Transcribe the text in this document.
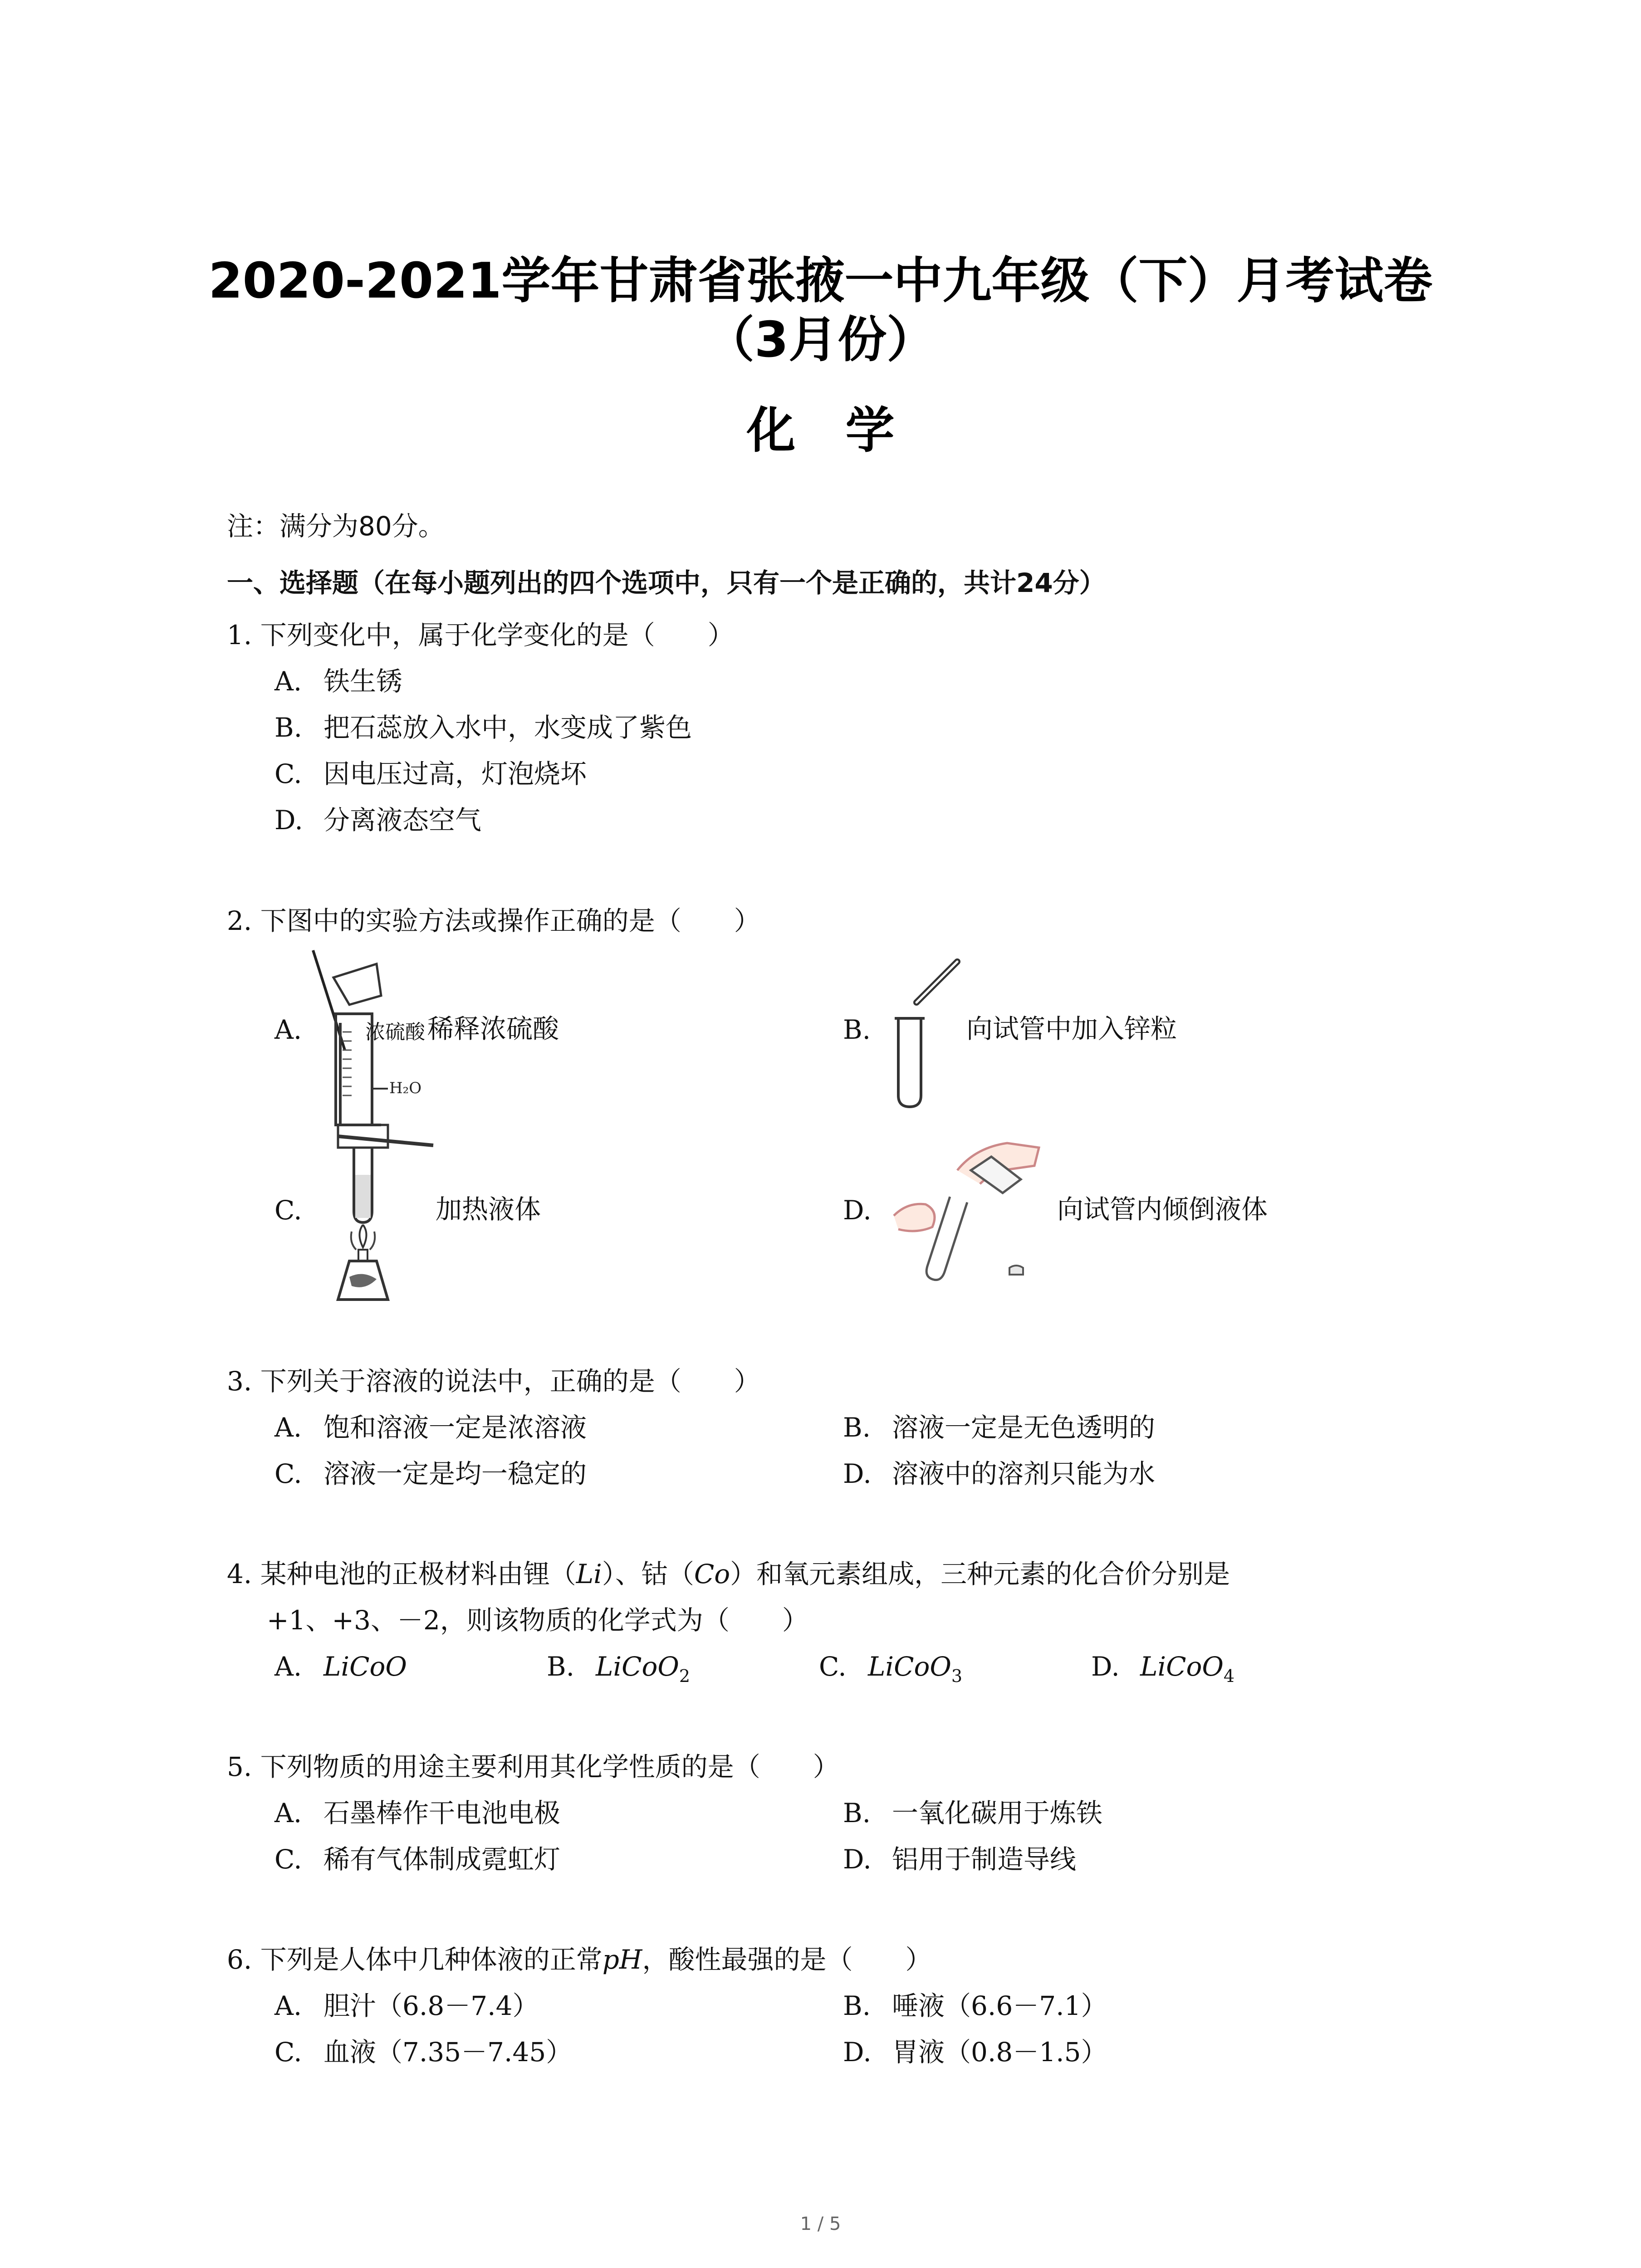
2020-2021学年甘肃省张掖一中九年级（下）月考试卷
（3月份）
化学
注：满分为80分。
一、选择题（在每小题列出的四个选项中，只有一个是正确的，共计24分）
1. 下列变化中，属于化学变化的是（　　）
A. 铁生锈
B. 把石蕊放入水中，水变成了紫色
C. 因电压过高，灯泡烧坏
D. 分离液态空气
2. 下图中的实验方法或操作正确的是（　　）
A.
H₂O
浓硫酸 稀释浓硫酸	B.	向试管中加入锌粒
C.	加热液体	D.	向试管内倾倒液体
3. 下列关于溶液的说法中，正确的是（　　）
A. 饱和溶液一定是浓溶液	B. 溶液一定是无色透明的
C. 溶液一定是均一稳定的	D. 溶液中的溶剂只能为水
4. 某种电池的正极材料由锂（Li）、钴（Co）和氧元素组成，三种元素的化合价分别是
+1、+3、－2，则该物质的化学式为（　　）
A. LiCoO	B. LiCoO$_2$	C. LiCoO$_3$	D. LiCoO$_4$
5. 下列物质的用途主要利用其化学性质的是（　　）
A. 石墨棒作干电池电极	B. 一氧化碳用于炼铁
C. 稀有气体制成霓虹灯	D. 铝用于制造导线
6. 下列是人体中几种体液的正常pH，酸性最强的是（　　）
A. 胆汁（6.8－7.4）	B. 唾液（6.6－7.1）
C. 血液（7.35－7.45）	D. 胃液（0.8－1.5）
1 / 5
